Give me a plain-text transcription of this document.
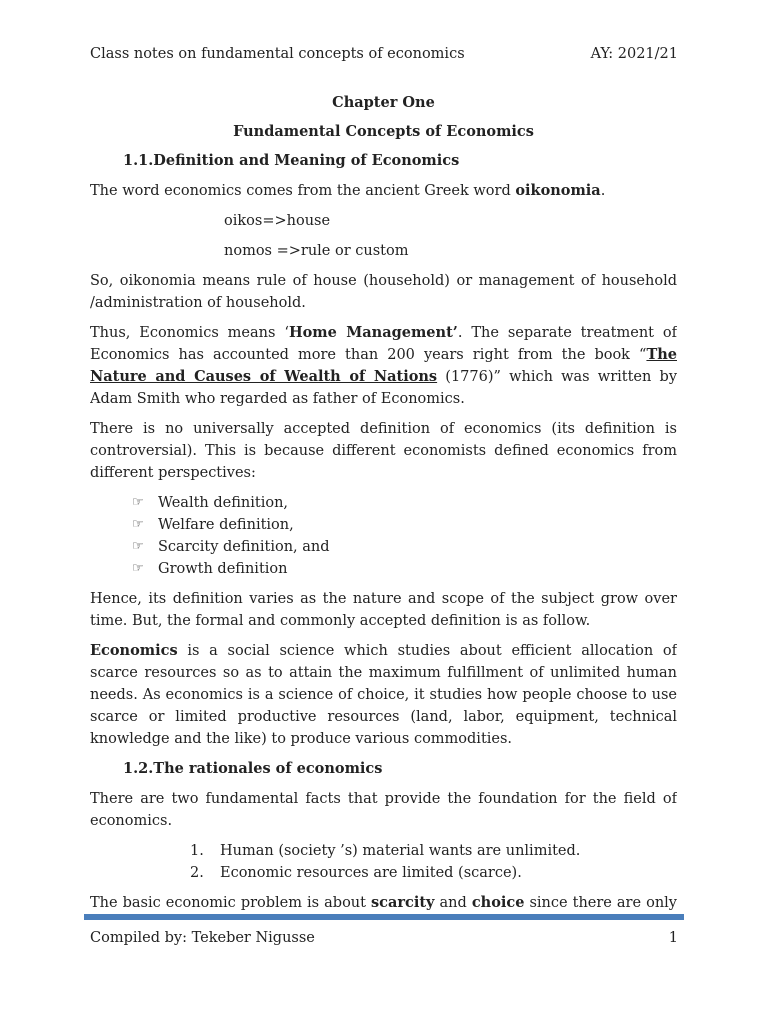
Class notes on fundamental concepts of economics	AY: 2021/21
Chapter One
Fundamental Concepts of Economics
1.1.Definition and Meaning of Economics

The word economics comes from the ancient Greek word oikonomia.

oikos=>house
nomos =>rule or custom

So, oikonomia means rule of house (household) or management of household /administration of household.

Thus, Economics means ‘Home Management’. The separate treatment of Economics has accounted more than 200 years right from the book “The Nature and Causes of Wealth of Nations (1776)” which was written by Adam Smith who regarded as father of Economics.

There is no universally accepted definition of economics (its definition is controversial). This is because different economists defined economics from different perspectives:

☞ Wealth definition,
☞ Welfare definition,
☞ Scarcity definition, and
☞ Growth definition

Hence, its definition varies as the nature and scope of the subject grow over time. But, the formal and commonly accepted definition is as follow.

Economics is a social science which studies about efficient allocation of scarce resources so as to attain the maximum fulfillment of unlimited human needs. As economics is a science of choice, it studies how people choose to use scarce or limited productive resources (land, labor, equipment, technical knowledge and the like) to produce various commodities.

1.2.The rationales of economics

There are two fundamental facts that provide the foundation for the field of economics.

1.	Human (society ’s) material wants are unlimited.
2.	Economic resources are limited (scarce).

The basic economic problem is about scarcity and choice since there are only

Compiled by: Tekeber Nigusse	1
